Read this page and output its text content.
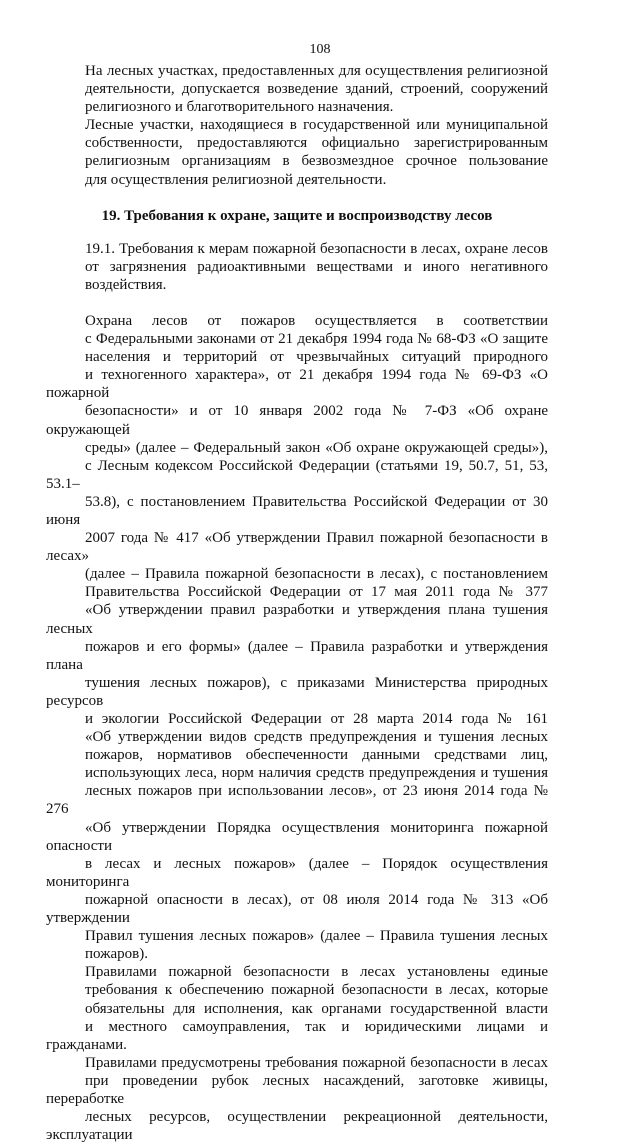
108

На лесных участках, предоставленных для осуществления религиозной
деятельности, допускается возведение зданий, строений, сооружений
религиозного и благотворительного назначения.

Лесные участки, находящиеся в государственной или муниципальной
собственности, предоставляются официально зарегистрированным
религиозным организациям в безвозмездное срочное пользование
для осуществления религиозной деятельности.

19. Требования к охране, защите и воспроизводству лесов

19.1. Требования к мерам пожарной безопасности в лесах, охране лесов
от загрязнения радиоактивными веществами и иного негативного
воздействия.

Охрана лесов от пожаров осуществляется в соответствии
с Федеральными законами от 21 декабря 1994 года № 68-ФЗ «О защите
населения и территорий от чрезвычайных ситуаций природного
и техногенного характера», от 21 декабря 1994 года № 69-ФЗ «О пожарной
безопасности» и от 10 января 2002 года № 7-ФЗ «Об охране окружающей
среды» (далее – Федеральный закон «Об охране окружающей среды»),
с Лесным кодексом Российской Федерации (статьями 19, 50.7, 51, 53, 53.1–
53.8), с постановлением Правительства Российской Федерации от 30 июня
2007 года № 417 «Об утверждении Правил пожарной безопасности в лесах»
(далее – Правила пожарной безопасности в лесах), с постановлением
Правительства Российской Федерации от 17 мая 2011 года № 377
«Об утверждении правил разработки и утверждения плана тушения лесных
пожаров и его формы» (далее – Правила разработки и утверждения плана
тушения лесных пожаров), с приказами Министерства природных ресурсов
и экологии Российской Федерации от 28 марта 2014 года № 161
«Об утверждении видов средств предупреждения и тушения лесных
пожаров, нормативов обеспеченности данными средствами лиц,
использующих леса, норм наличия средств предупреждения и тушения
лесных пожаров при использовании лесов», от 23 июня 2014 года № 276
«Об утверждении Порядка осуществления мониторинга пожарной опасности
в лесах и лесных пожаров» (далее – Порядок осуществления мониторинга
пожарной опасности в лесах), от 08 июля 2014 года № 313 «Об утверждении
Правил тушения лесных пожаров» (далее – Правила тушения лесных
пожаров).

Правилами пожарной безопасности в лесах установлены единые
требования к обеспечению пожарной безопасности в лесах, которые
обязательны для исполнения, как органами государственной власти
и местного самоуправления, так и юридическими лицами и гражданами.
Правилами предусмотрены требования пожарной безопасности в лесах
при проведении рубок лесных насаждений, заготовке живицы, переработке
лесных ресурсов, осуществлении рекреационной деятельности, эксплуатации
